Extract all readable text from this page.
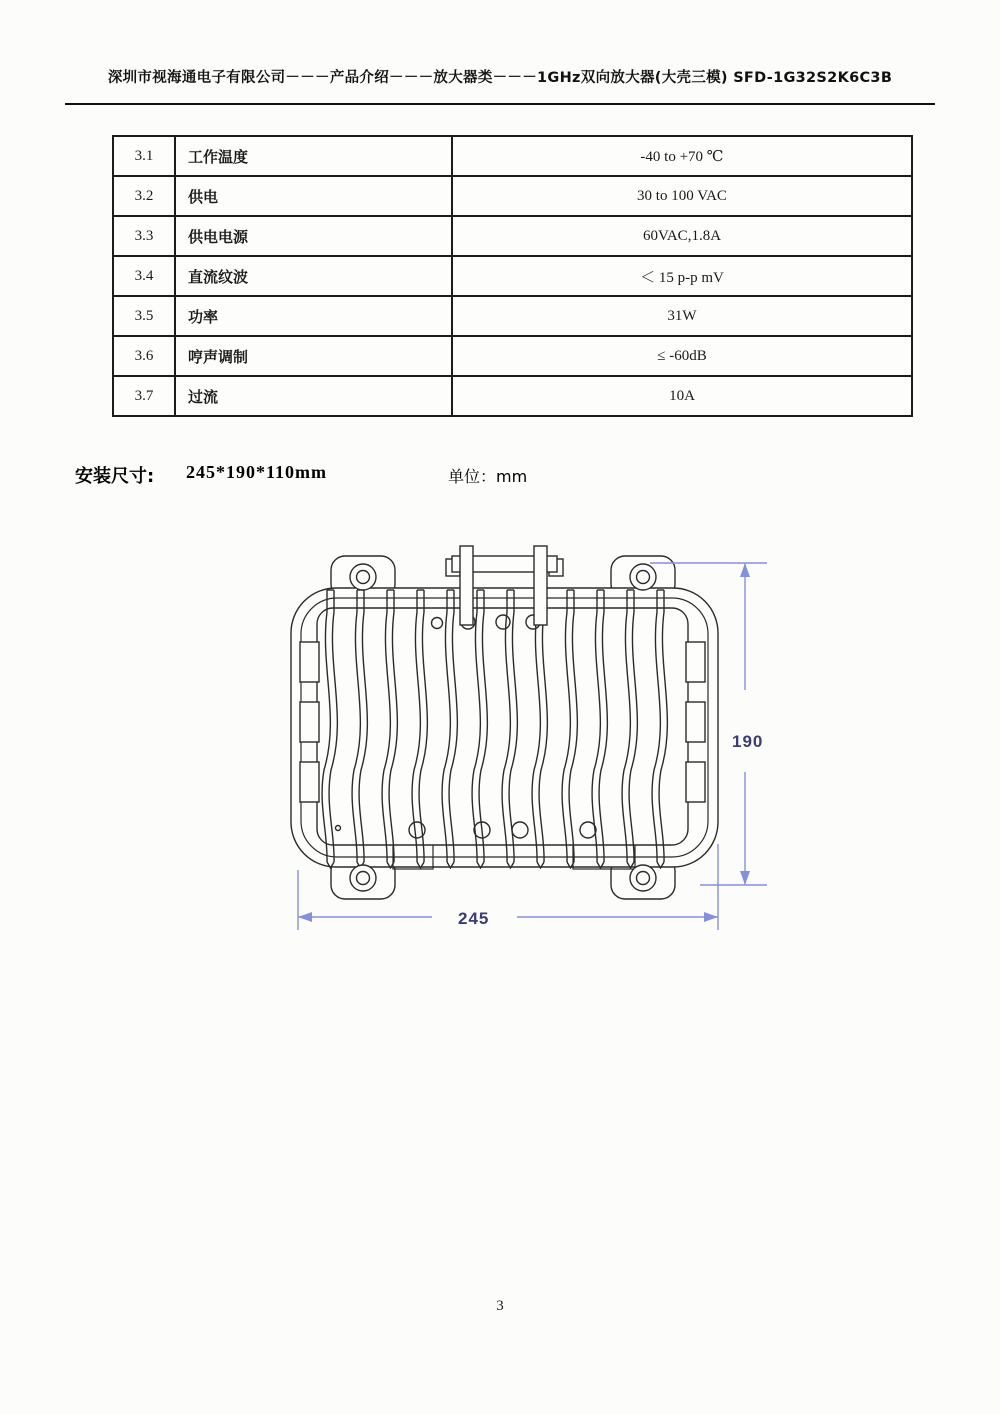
深圳市视海通电子有限公司－－－产品介绍－－－放大器类－－－1GHz双向放大器(大壳三模) SFD-1G32S2K6C3B
3.1	工作温度	-40 to +70 ℃
3.2	供电	30 to 100 VAC
3.3	供电电源	60VAC,1.8A
3.4	直流纹波	＜ 15 p-p mV
3.5	功率	31W
3.6	哼声调制	≤ -60dB
3.7	过流	10A
安装尺寸: 245*190*110mm	单位：mm
190
245
3
